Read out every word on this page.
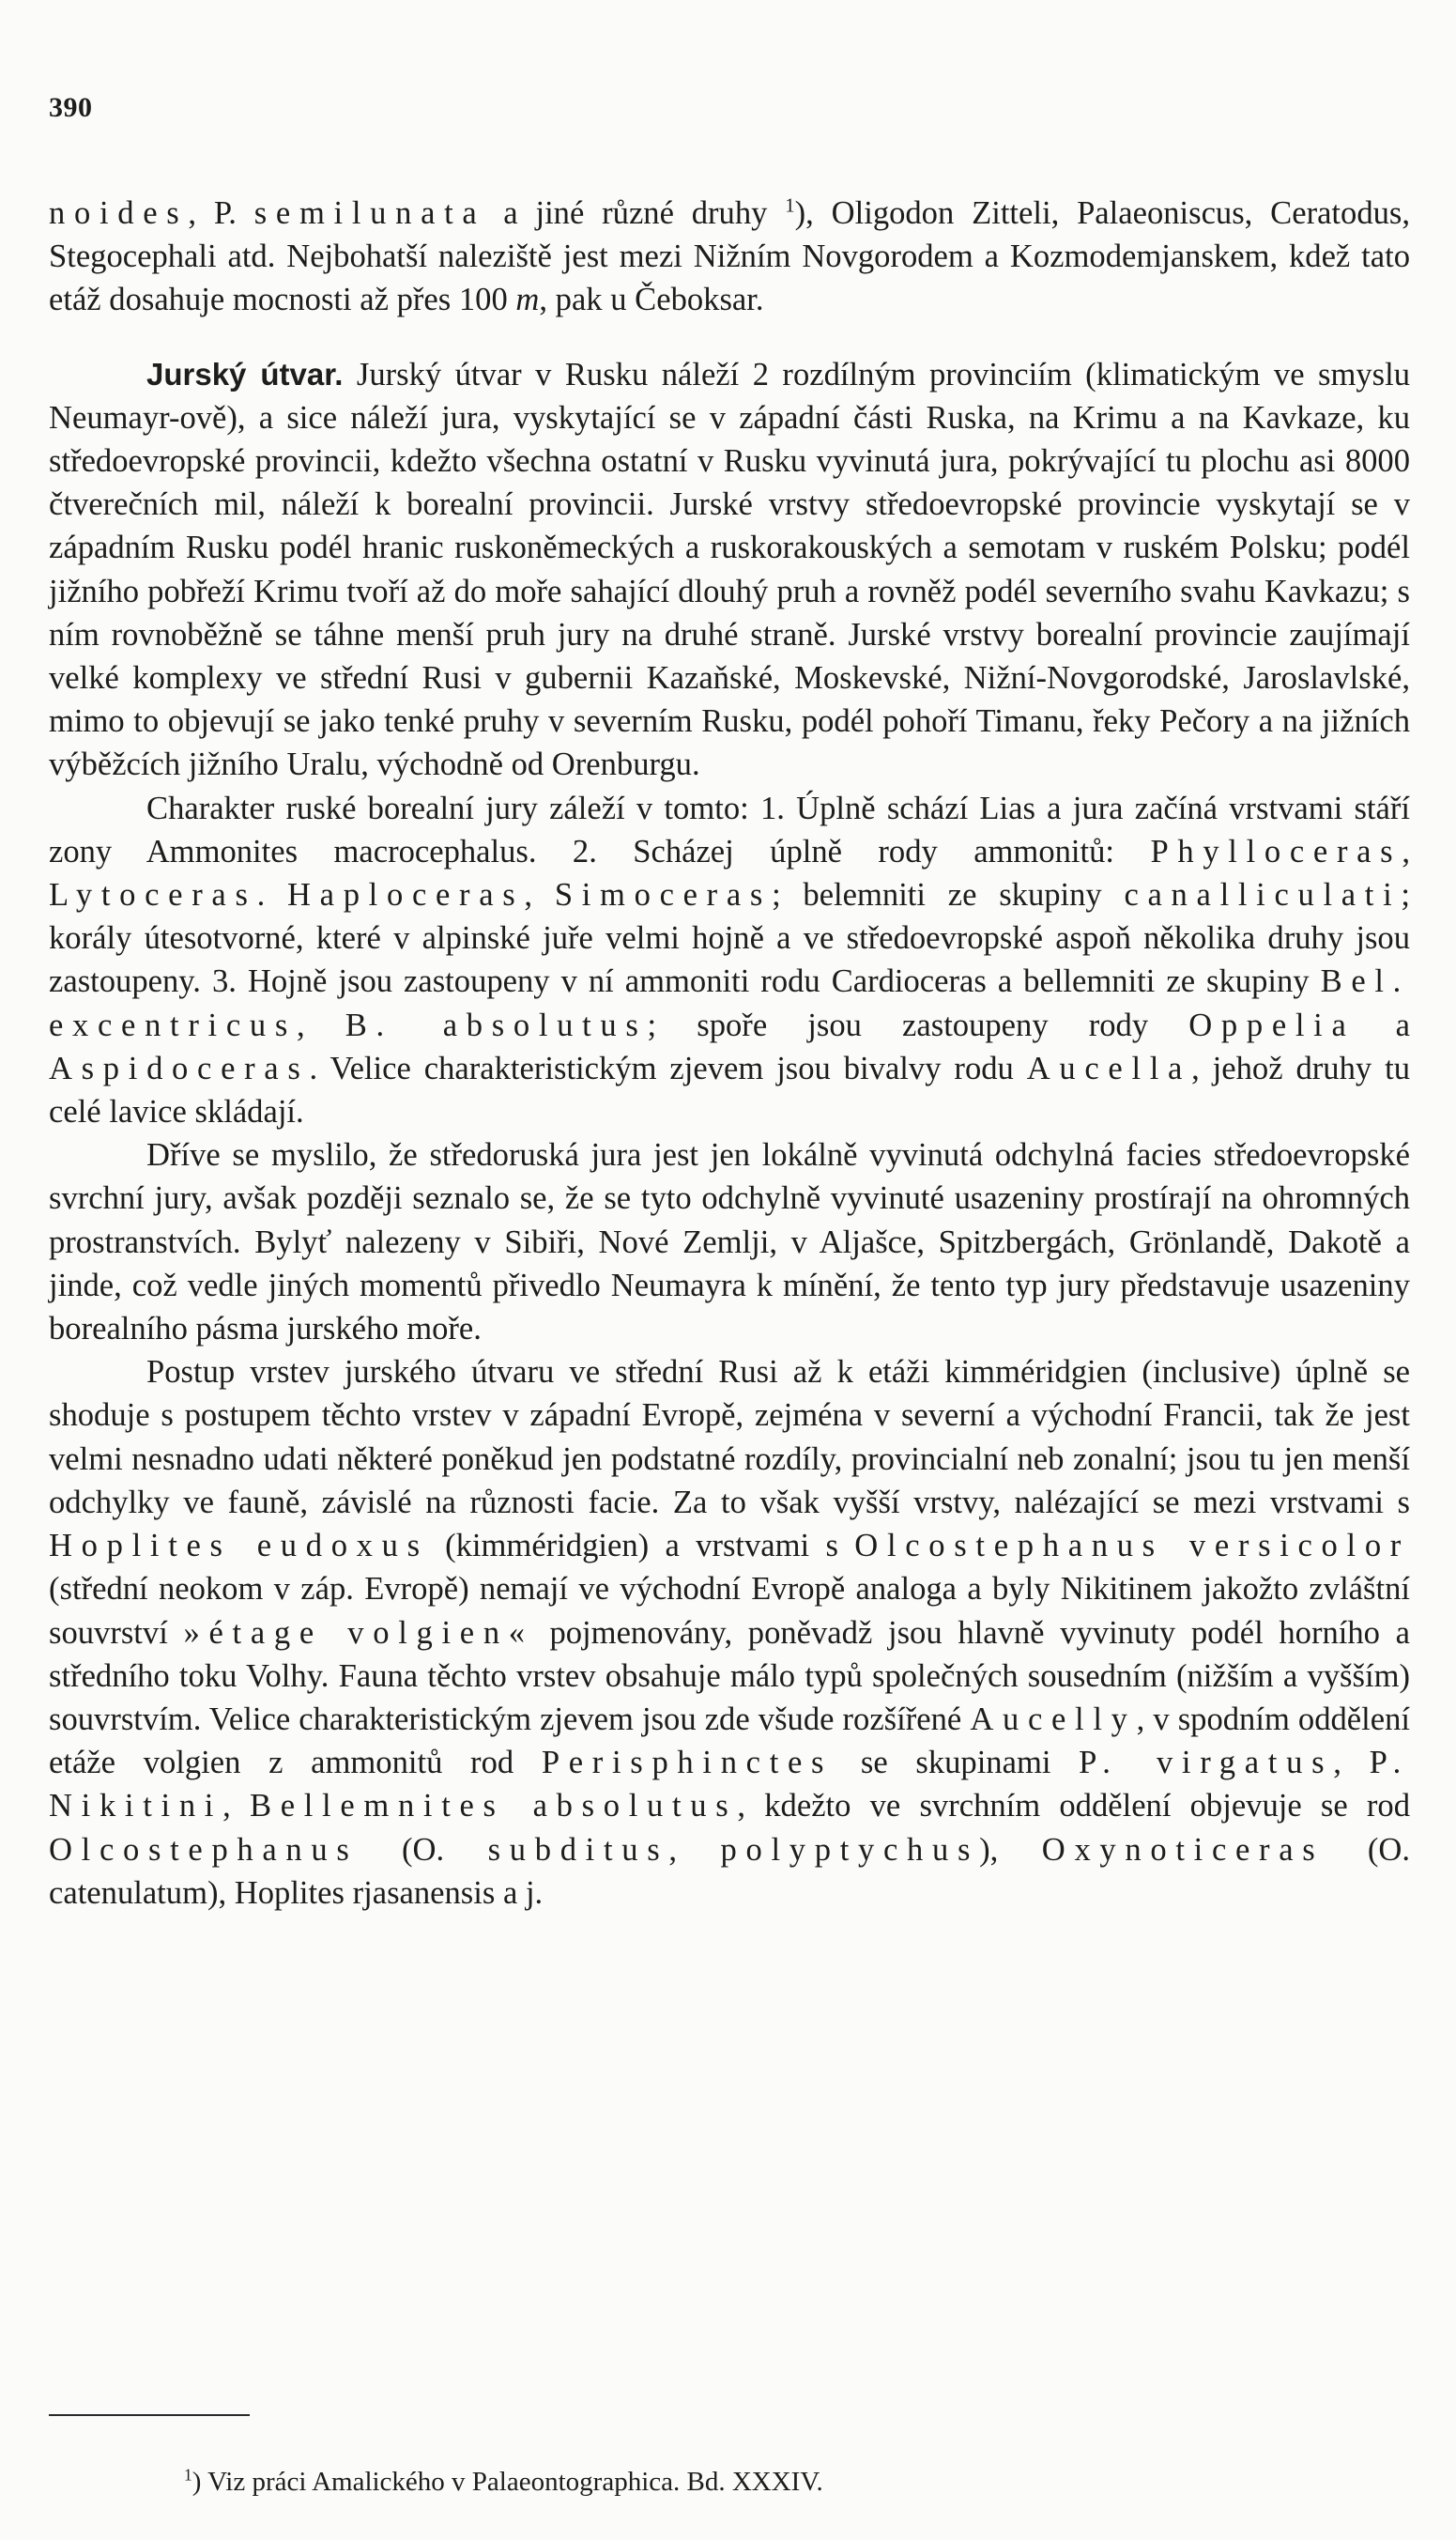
390

noides, P. semilunata a jiné různé druhy $^1$), Oligodon Zitteli, Palaeoniscus, Ceratodus, Stegocephali atd. Nejbohatší naleziště jest mezi Nižním Novgorodem a Kozmodemjanskem, kdež tato etáž dosahuje mocnosti až přes 100 m, pak u Čeboksar.

Jurský útvar. Jurský útvar v Rusku náleží 2 rozdílným provinciím (klimatickým ve smyslu Neumayr-ově), a sice náleží jura, vyskytající se v západní části Ruska, na Krimu a na Kavkaze, ku středoevropské provincii, kdežto všechna ostatní v Rusku vyvinutá jura, pokrývající tu plochu asi 8000 čtverečních mil, náleží k borealní provincii. Jurské vrstvy středoevropské provincie vyskytají se v západním Rusku podél hranic ruskoněmeckých a ruskorakouských a semotam v ruském Polsku; podél jižního pobřeží Krimu tvoří až do moře sahající dlouhý pruh a rovněž podél severního svahu Kavkazu; s ním rovnoběžně se táhne menší pruh jury na druhé straně. Jurské vrstvy borealní provincie zaujímají velké komplexy ve střední Rusi v gubernii Kazaňské, Moskevské, Nižní-Novgorodské, Jaroslavlské, mimo to objevují se jako tenké pruhy v severním Rusku, podél pohoří Timanu, řeky Pečory a na jižních výběžcích jižního Uralu, východně od Orenburgu.

Charakter ruské borealní jury záleží v tomto: 1. Úplně schází Lias a jura začíná vrstvami stáří zony Ammonites macrocephalus. 2. Scházej úplně rody ammonitů: Phylloceras, Lytoceras. Haploceras, Simoceras; belemniti ze skupiny canalliculati; korály útesotvorné, které v alpinské juře velmi hojně a ve středoevropské aspoň několika druhy jsou zastoupeny. 3. Hojně jsou zastoupeny v ní ammoniti rodu Cardioceras a bellemniti ze skupiny Bel. excentricus, B. absolutus; spoře jsou zastoupeny rody Oppelia a Aspidoceras. Velice charakteristickým zjevem jsou bivalvy rodu Aucella, jehož druhy tu celé lavice skládají.

Dříve se myslilo, že středoruská jura jest jen lokálně vyvinutá odchylná facies středoevropské svrchní jury, avšak později seznalo se, že se tyto odchylně vyvinuté usazeniny prostírají na ohromných prostranstvích. Bylyť nalezeny v Sibiři, Nové Zemlji, v Aljašce, Spitzbergách, Grönlandě, Dakotě a jinde, což vedle jiných momentů přivedlo Neumayra k mínění, že tento typ jury představuje usazeniny borealního pásma jurského moře.

Postup vrstev jurského útvaru ve střední Rusi až k etáži kimméridgien (inclusive) úplně se shoduje s postupem těchto vrstev v západní Evropě, zejména v severní a východní Francii, tak že jest velmi nesnadno udati některé poněkud jen podstatné rozdíly, provincialní neb zonalní; jsou tu jen menší odchylky ve fauně, závislé na různosti facie. Za to však vyšší vrstvy, nalézající se mezi vrstvami s Hoplites eudoxus (kimméridgien) a vrstvami s Olcostephanus versicolor (střední neokom v záp. Evropě) nemají ve východní Evropě analoga a byly Nikitinem jakožto zvláštní souvrství »étage volgien« pojmenovány, poněvadž jsou hlavně vyvinuty podél horního a středního toku Volhy. Fauna těchto vrstev obsahuje málo typů společných sousedním (nižším a vyšším) souvrstvím. Velice charakteristickým zjevem jsou zde všude rozšířené Aucelly, v spodním oddělení etáže volgien z ammonitů rod Perisphinctes se skupinami P. virgatus, P. Nikitini, Bellemnites absolutus, kdežto ve svrchním oddělení objevuje se rod Olcostephanus (O. subditus, polyptychus), Oxynoticeras (O. catenulatum), Hoplites rjasanensis a j.

$^1$) Viz práci Amalického v Palaeontographica. Bd. XXXIV.
